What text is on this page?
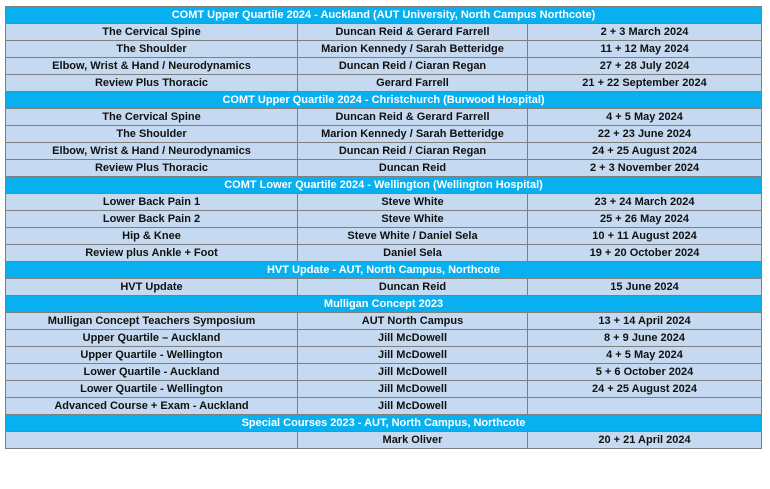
COMT Upper Quartile 2024 - Auckland (AUT University, North Campus Northcote)		
The Cervical Spine	Duncan Reid & Gerard Farrell	2 + 3 March 2024
The Shoulder	Marion Kennedy / Sarah Betteridge	11 + 12 May 2024
Elbow, Wrist & Hand / Neurodynamics	Duncan Reid / Ciaran Regan	27 + 28 July 2024
Review Plus Thoracic	Gerard Farrell	21 + 22 September 2024
COMT Upper Quartile 2024 - Christchurch (Burwood Hospital)		
The Cervical Spine	Duncan Reid & Gerard Farrell	4 + 5 May 2024
The Shoulder	Marion Kennedy / Sarah Betteridge	22 + 23 June 2024
Elbow, Wrist & Hand / Neurodynamics	Duncan Reid / Ciaran Regan	24 + 25 August 2024
Review Plus Thoracic	Duncan Reid	2 + 3 November 2024
COMT Lower Quartile 2024 - Wellington (Wellington Hospital)		
Lower Back Pain 1	Steve White	23 + 24 March 2024
Lower Back Pain 2	Steve White	25 + 26 May 2024
Hip & Knee	Steve White / Daniel Sela	10 + 11 August 2024
Review plus Ankle + Foot	Daniel Sela	19 + 20 October 2024
HVT Update - AUT, North Campus, Northcote		
HVT Update	Duncan Reid	15 June 2024
Mulligan Concept 2023		
Mulligan Concept Teachers Symposium	AUT North Campus	13 + 14 April 2024
Upper Quartile – Auckland	Jill McDowell	8 + 9 June 2024
Upper Quartile - Wellington	Jill McDowell	4 + 5 May 2024
Lower Quartile - Auckland	Jill McDowell	5 + 6 October 2024
Lower Quartile - Wellington	Jill McDowell	24 + 25 August 2024
Advanced Course + Exam - Auckland	Jill McDowell	
Special Courses 2023 - AUT, North Campus, Northcote		
	Mark Oliver	20 + 21 April 2024
